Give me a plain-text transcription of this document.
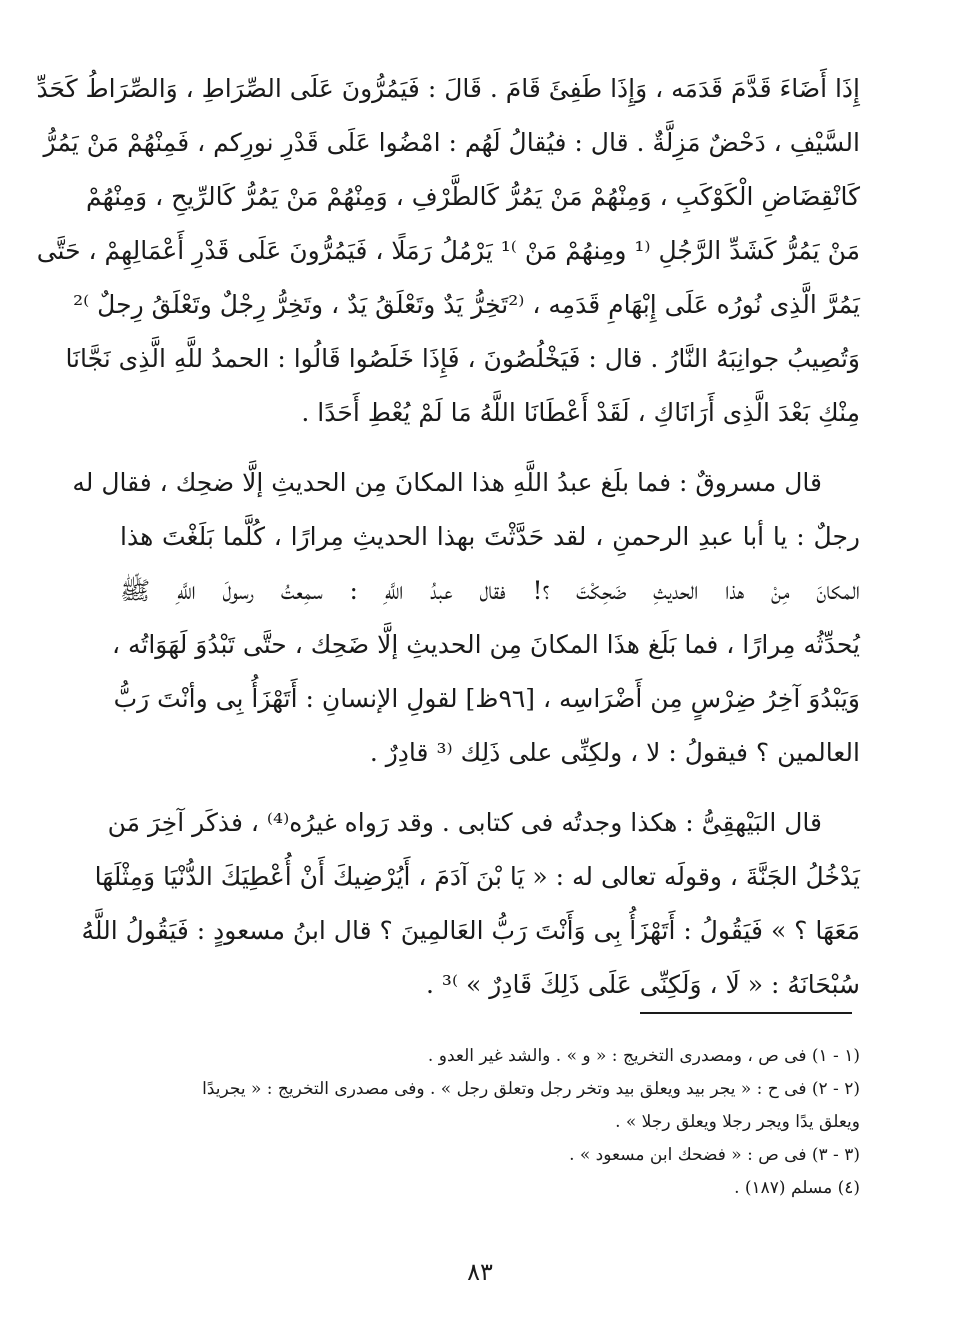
إِذَا أَضَاءَ قَدَّمَ قَدَمَه ، وَإِذَا طَفِئَ قَامَ . قَالَ : فَيَمُرُّونَ عَلَى الصِّرَاطِ ، وَالصِّرَاطُ كَحَدِّ
السَّيْفِ ، دَحْضٌ مَزِلَّةٌ . قال : فيُقالُ لَهُم : امْضُوا عَلَى قَدْرِ نورِكم ، فَمِنْهُمْ مَنْ يَمُرُّ
كَانْقِضَاضِ الْكَوْكَبِ ، وَمِنْهُمْ مَنْ يَمُرُّ كَالطَّرْفِ ، وَمِنْهُمْ مَنْ يَمُرُّ كَالرِّيحِ ، وَمِنْهُمْ
مَنْ يَمُرُّ كَشَدِّ الرَّجُلِ ⁽¹ ومِنهُمْ مَنْ ⁾¹ يَرْمُلُ رَمَلًا ، فَيَمُرُّونَ عَلَى قَدْرِ أَعْمَالِهِمْ ، حَتَّى
يَمُرَّ الَّذِى نُورُه عَلَى إِبْهَامِ قَدَمِه ، ⁽²تَخِرُّ يَدٌ وتَعْلَقُ يَدٌ ، وتَخِرُّ رِجْلٌ وتَعْلَقُ رِجلٌ ⁾²
وَتُصِيبُ جوانِبَهُ النَّارُ . قال : فَيَخْلُصُونَ ، فَإِذَا خَلَصُوا قَالُوا : الحمدُ للَّهِ الَّذِى نَجَّانَا
مِنْكِ بَعْدَ الَّذِى أَرَانَاكِ ، لَقَدْ أَعْطَانَا اللَّهُ مَا لَمْ يُعْطِ أَحَدًا .
قال مسروقٌ : فما بلَغ عبدُ اللَّهِ هذا المكانَ مِن الحديثِ إلَّا ضحِك ، فقال له
رجلٌ : يا أبا عبدِ الرحمنِ ، لقد حَدَّثْتَ بهذا الحديثِ مِرارًا ، كُلَّما بَلَغْتَ هذا
المكانَ مِنْ هذا الحديثِ ضَحِكْتَ ؟! فقال عبدُ اللَّهِ : سمِعتُ رسولَ اللَّهِ ﷺ
يُحدِّثُه مِرارًا ، فما بَلَغ هذَا المكانَ مِن الحديثِ إلَّا ضَحِك ، حتَّى تَبْدُوَ لَهَوَاتُه ،
وَيَبْدُوَ آخِرُ ضِرْسٍ مِن أَضْرَاسِه ، [٩٦ظ] لقولِ الإنسانِ : أَتَهْزَأُ بِى وأنْتَ رَبُّ
العالمين ؟ فيقولُ : لا ، ولكِنِّى على ذَلِك ⁽³ قادِرٌ .
قال البَيْهقِىُّ : هكذا وجدتُه فى كتابى . وقد رَواه غيرُه⁽⁴⁾ ، فذكَر آخِرَ مَن
يَدْخُلُ الجَنَّةَ ، وقولَه تعالى له : « يَا بْنَ آدَمَ ، أَيُرْضِيكَ أَنْ أُعْطِيَكَ الدُّنْيَا وَمِثْلَهَا
مَعَهَا ؟ » فَيَقُولُ : أَتَهْزَأُ بِى وَأَنْتَ رَبُّ العَالمِينَ ؟ قال ابنُ مسعودٍ : فَيَقُولُ اللَّهُ
سُبْحَانَهُ : « لَا ، وَلَكِنِّى عَلَى ذَلِكَ قَادِرٌ » ⁾³ .
(١ - ١) فى ص ، ومصدرى التخريج : « و » . والشد غير العدو .
(٢ - ٢) فى ح : « يجر بيد ويعلق بيد وتخر رجل وتعلق رجل » . وفى مصدرى التخريج : « يجريدًا
ويعلق يدًا ويجر رجلا ويعلق رجلا » .
(٣ - ٣) فى ص : « فضحك ابن مسعود » .
(٤) مسلم (١٨٧) .
٨٣
